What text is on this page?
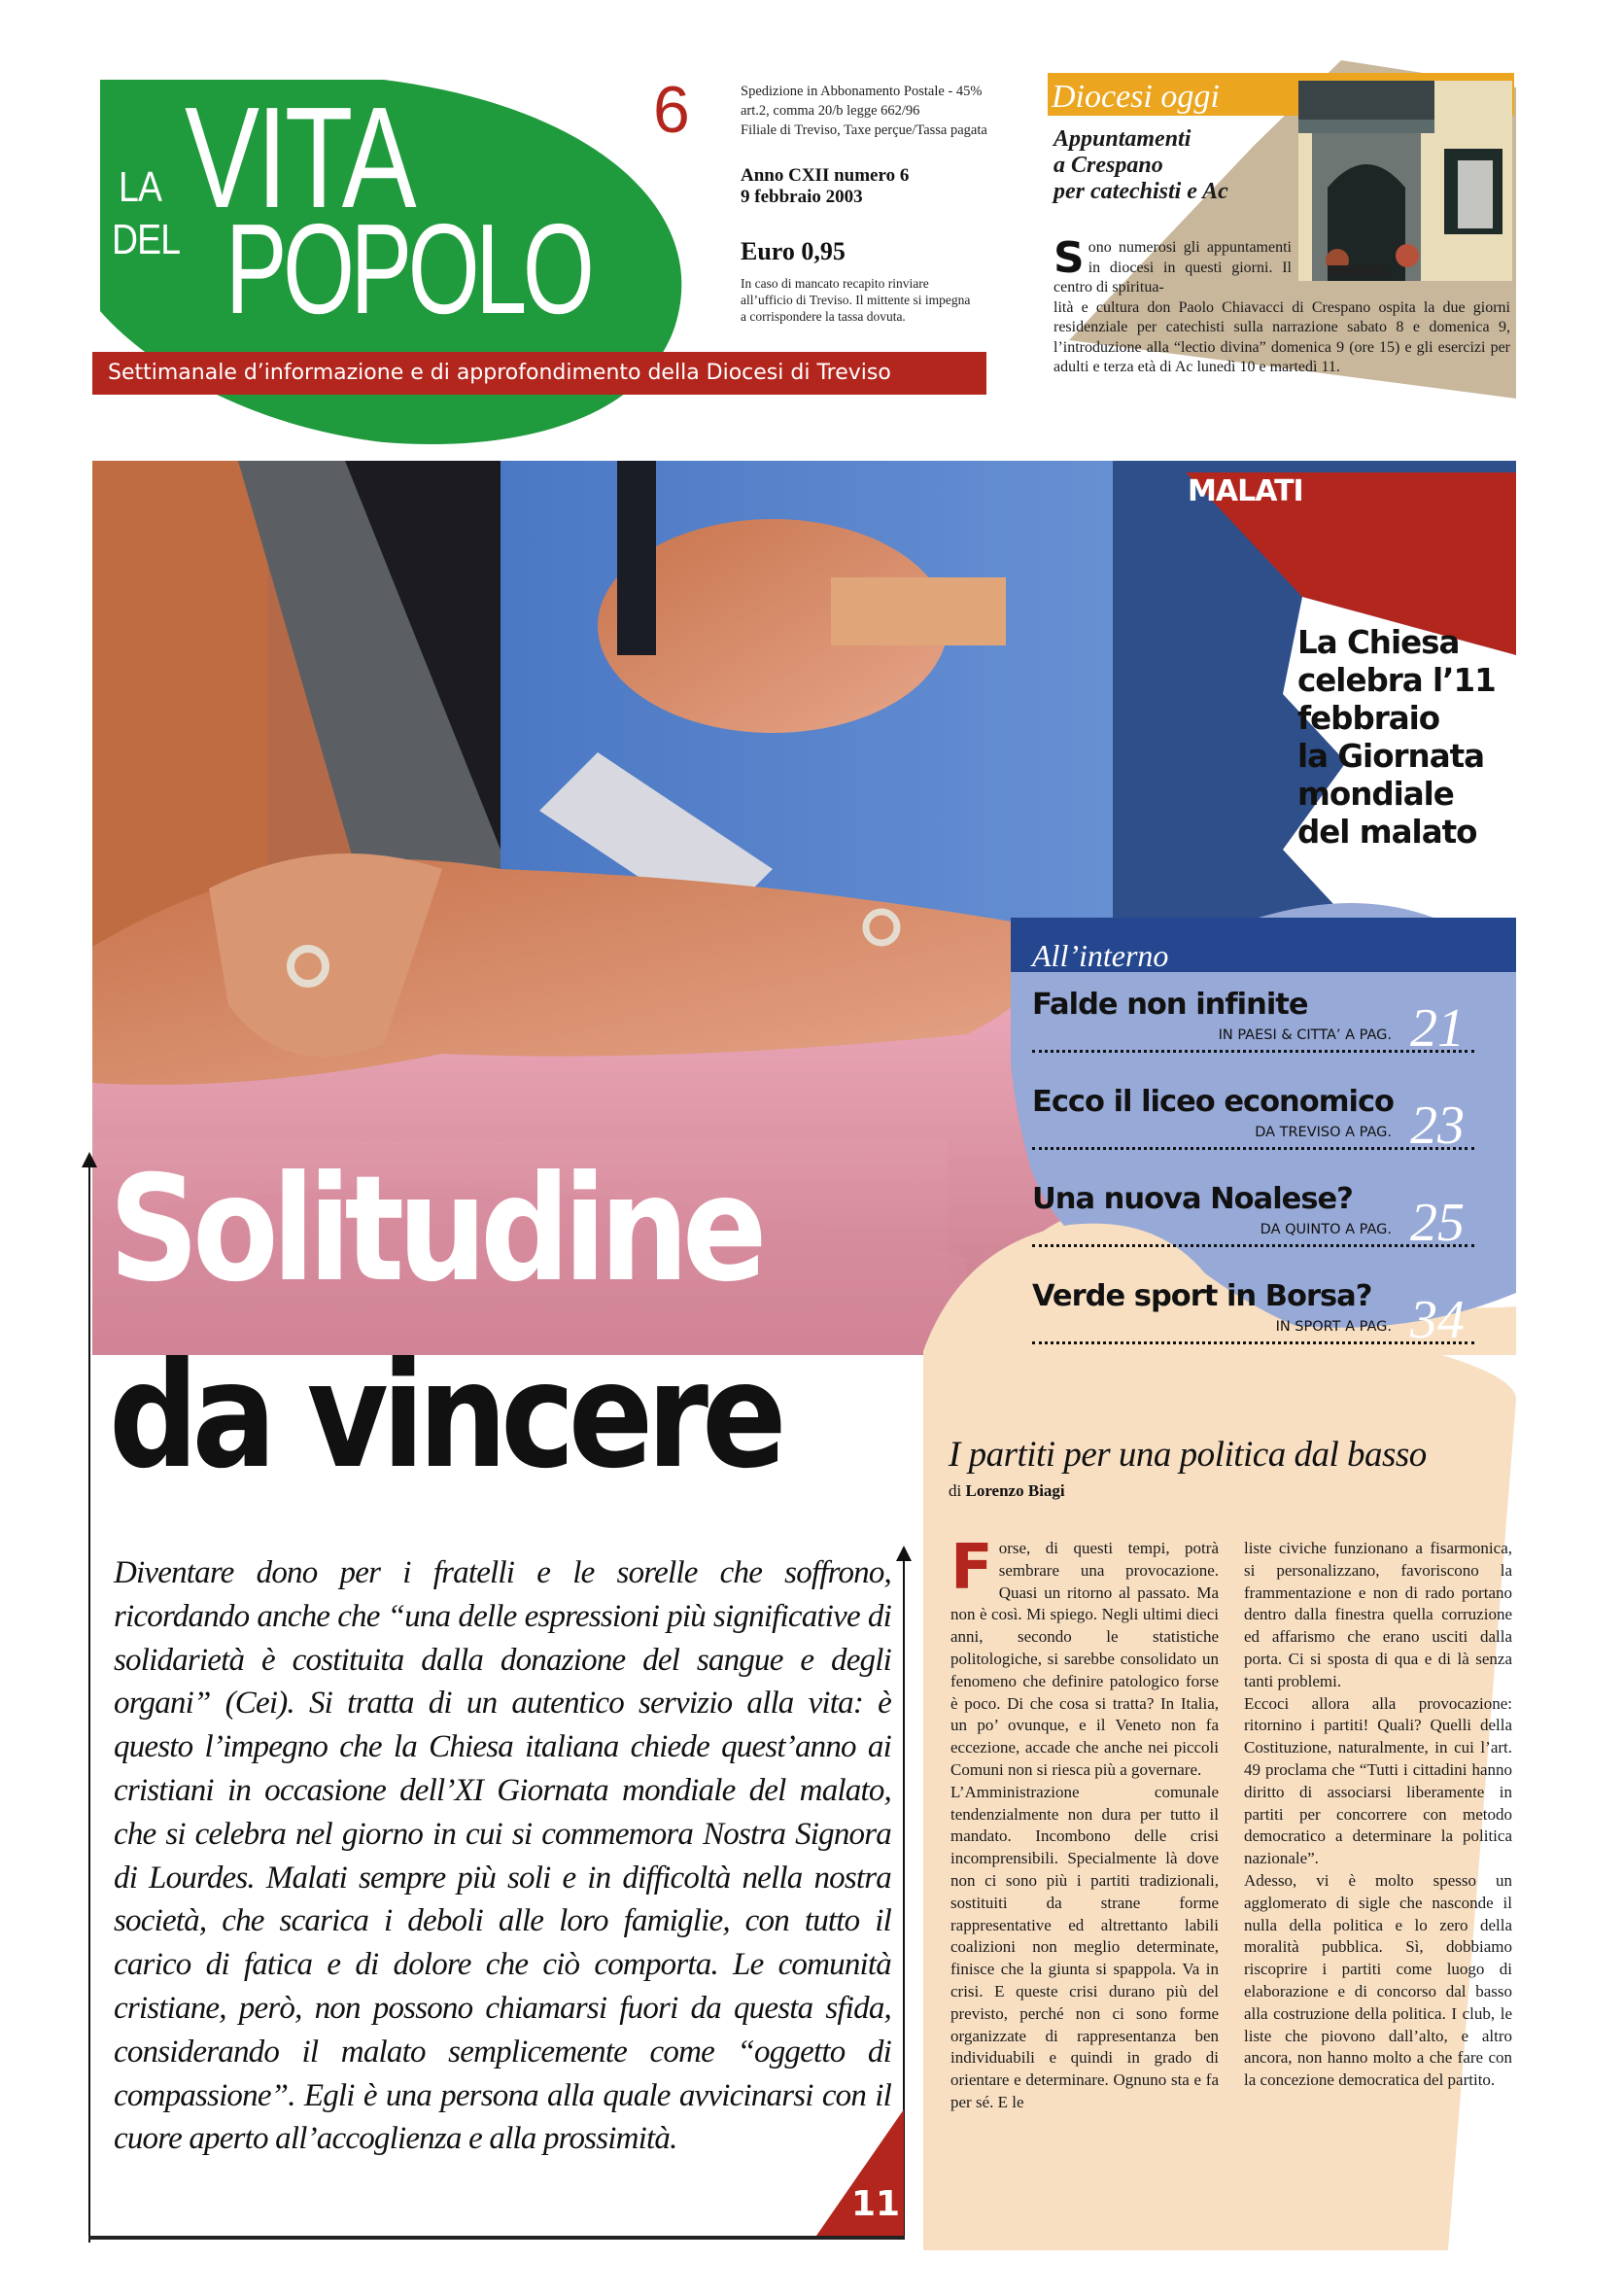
VITA
LA
DEL POPOLO
6
Settimanale d’informazione e di approfondimento della Diocesi di Treviso
Spedizione in Abbonamento Postale - 45%
art.2, comma 20/b legge 662/96
Filiale di Treviso, Taxe perçue/Tassa pagata
Anno CXII numero 6
9 febbraio 2003
Euro 0,95
In caso di mancato recapito rinviare
all’ufficio di Treviso. Il mittente si impegna
a corrispondere la tassa dovuta.
Diocesi oggi
Appuntamenti
a Crespano
per catechisti e Ac
Sono numerosi gli appuntamenti in diocesi in questi giorni. Il centro di spiritua-
lità e cultura don Paolo Chiavacci di Crespano ospita la due giorni residenziale per catechisti sulla narrazione sabato 8 e domenica 9, l’introduzione alla “lectio divina” domenica 9 (ore 15) e gli esercizi per adulti e terza età di Ac lunedì 10 e martedì 11.
MALATI
La Chiesa
celebra l’11
febbraio
la Giornata
mondiale
del malato
All’interno
Falde non infinite
IN PAESI & CITTA’ A PAG. 21
Ecco il liceo economico
DA TREVISO A PAG. 23
Una nuova Noalese?
DA QUINTO A PAG. 25
Verde sport in Borsa?
IN SPORT A PAG. 34
Solitudine
da vincere
Diventare dono per i fratelli e le sorelle che soffrono, ricordando anche che “una delle espressioni più significative di solidarietà è costituita dalla donazione del sangue e degli organi” (Cei). Si tratta di un autentico servizio alla vita: è questo l’impegno che la Chiesa italiana chiede quest’anno ai cristiani in occasione dell’XI Giornata mondiale del malato, che si celebra nel giorno in cui si commemora Nostra Signora di Lourdes. Malati sempre più soli e in difficoltà nella nostra società, che scarica i deboli alle loro famiglie, con tutto il carico di fatica e di dolore che ciò comporta. Le comunità cristiane, però, non possono chiamarsi fuori da questa sfida, considerando il malato semplicemente come “oggetto di compassione”. Egli è una persona alla quale avvicinarsi con il cuore aperto all’accoglienza e alla prossimità.
11
I partiti per una politica dal basso
di Lorenzo Biagi

Forse, di questi tempi, potrà sembrare una provocazione. Quasi un ritorno al passato. Ma non è così. Mi spiego. Negli ultimi dieci anni, secondo le statistiche politologiche, si sarebbe consolidato un fenomeno che definire patologico forse è poco. Di che cosa si tratta? In Italia, un po’ ovunque, e il Veneto non fa eccezione, accade che anche nei piccoli Comuni non si riesca più a governare.

L’Amministrazione comunale tendenzialmente non dura per tutto il mandato. Incombono delle crisi incomprensibili. Specialmente là dove non ci sono più i partiti tradizionali, sostituiti da strane forme rappresentative ed altrettanto labili coalizioni non meglio determinate, finisce che la giunta si spappola. Va in crisi. E queste crisi durano più del previsto, perché non ci sono forme organizzate di rappresentanza ben individuabili e quindi in grado di orientare e determinare. Ognuno sta e fa per sé. E le

liste civiche funzionano a fisarmonica, si personalizzano, favoriscono la frammentazione e non di rado portano dentro dalla finestra quella corruzione ed affarismo che erano usciti dalla porta. Ci si sposta di qua e di là senza tanti problemi.

Eccoci allora alla provocazione: ritornino i partiti! Quali? Quelli della Costituzione, naturalmente, in cui l’art. 49 proclama che “Tutti i cittadini hanno diritto di associarsi liberamente in partiti per concorrere con metodo democratico a determinare la politica nazionale”.

Adesso, vi è molto spesso un agglomerato di sigle che nasconde il nulla della politica e lo zero della moralità pubblica. Sì, dobbiamo riscoprire i partiti come luogo di elaborazione e di concorso dal basso alla costruzione della politica. I club, le liste che piovono dall’alto, e altro ancora, non hanno molto a che fare con la concezione democratica del partito.
